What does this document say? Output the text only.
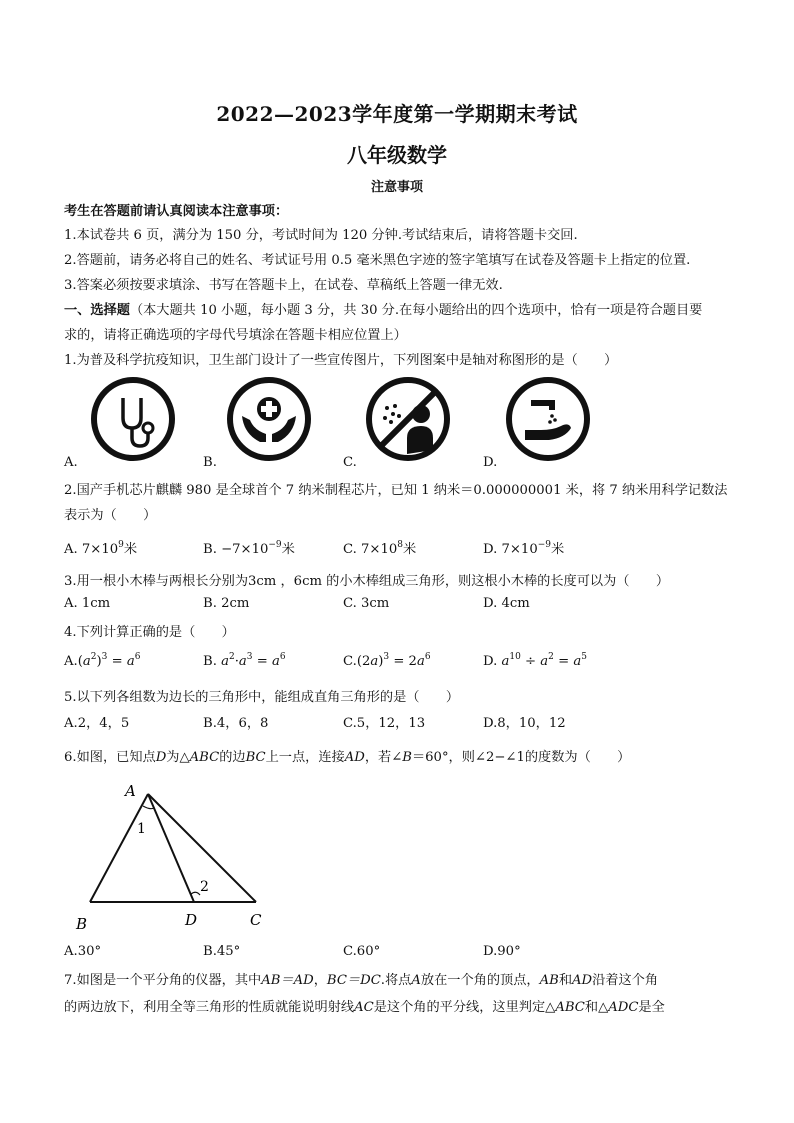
2022—2023学年度第一学期期末考试
八年级数学
注意事项
考生在答题前请认真阅读本注意事项：
1.本试卷共 6 页，满分为 150 分，考试时间为 120 分钟.考试结束后，请将答题卡交回.
2.答题前，请务必将自己的姓名、考试证号用 0.5 毫米黑色字迹的签字笔填写在试卷及答题卡上指定的位置.
3.答案必须按要求填涂、书写在答题卡上，在试卷、草稿纸上答题一律无效.
一、选择题（本大题共 10 小题，每小题 3 分，共 30 分.在每小题给出的四个选项中，恰有一项是符合题目要
求的，请将正确选项的字母代号填涂在答题卡相应位置上）
1.为普及科学抗疫知识，卫生部门设计了一些宣传图片，下列图案中是轴对称图形的是（　　）
A.	B.	C.	D.
2.国产手机芯片麒麟 980 是全球首个 7 纳米制程芯片，已知 1 纳米＝0.000000001 米，将 7 纳米用科学记数法
表示为（　　）
A. $7\times 10^9$米	B. $-7\times 10^{-9}$米	C. $7\times 10^8$米	D. $7\times 10^{-9}$米
3.用一根小木棒与两根长分别为3cm ，6cm 的小木棒组成三角形，则这根小木棒的长度可以为（　　）
A. 1cm	B. 2cm	C. 3cm	D. 4cm
4.下列计算正确的是（　　）
$A.(a^2)^3 = a^6$	B. $a^2\cdot a^3 = a^6$	$C.(2a)^3 = 2a^6$	D. $a^{10} \div a^2 = a^5$
5.以下列各组数为边长的三角形中，能组成直角三角形的是（　　）
A.2，4，5	B.4，6，8	C.5，12，13	D.8，10，12
6.如图，已知点D为△ABC的边BC上一点，连接AD，若∠B＝60°，则∠2−∠1的度数为（　　）
A
B	C
D
1
2
A.30°	B.45°	C.60°	D.90°
7.如图是一个平分角的仪器，其中AB＝AD，BC＝DC.将点A放在一个角的顶点，AB和AD沿着这个角
的两边放下，利用全等三角形的性质就能说明射线AC是这个角的平分线，这里判定△ABC和△ADC是全
